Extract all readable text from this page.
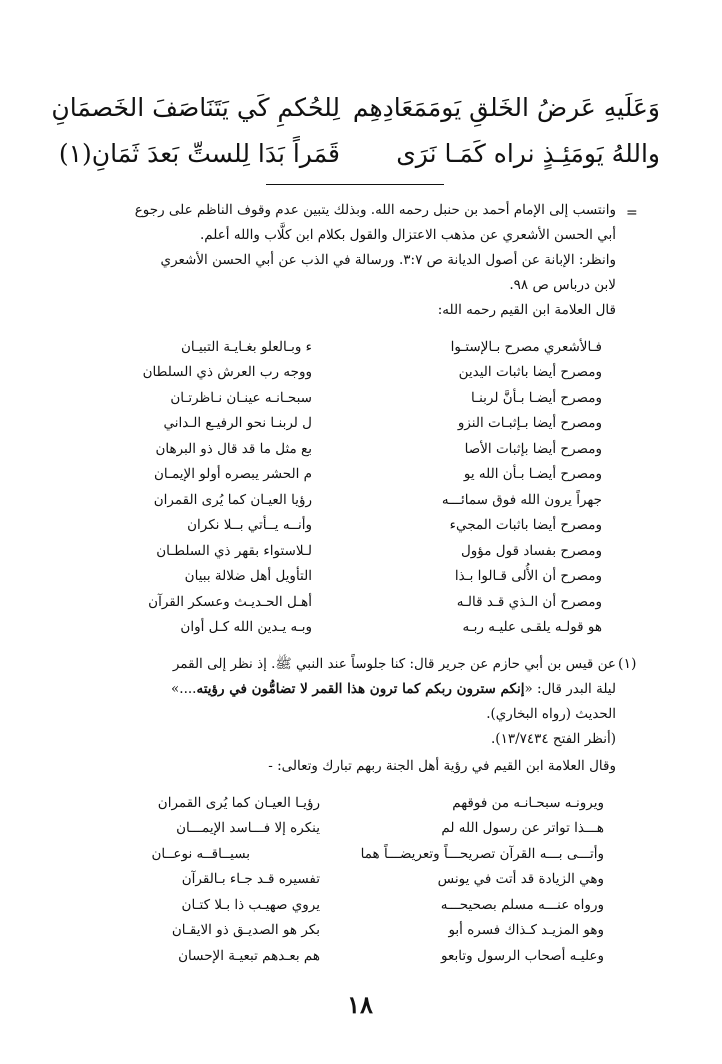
وَعَلَيهِ عَرضُ الخَلقِ يَومَمَعَادِهِم
لِلحُكمِ كَي يَتَنَاصَفَ الخَصمَانِ
واللهُ يَومَئِـذٍ نراه كَمَـا نَرَى
قَمَراً بَدَا لِلستِّ بَعدَ ثَمَانِ(١)
=
وانتسب إلى الإمام أحمد بن حنبل رحمه الله. وبذلك يتبين عدم وقوف الناظم على رجوع
أبي الحسن الأشعري عن مذهب الاعتزال والقول بكلام ابن كلَّاب والله أعلم.
وانظر: الإبانة عن أصول الديانة ص ٣:٧. ورسالة في الذب عن أبي الحسن الأشعري
لابن درباس ص ٩٨.
قال العلامة ابن القيم رحمه الله:
فـالأشعري مصرح بـالإستـوا
ء وبـالعلو بغـايـة التبيـان
ومصرح أيضا باثبات اليدين
ووجه رب العرش ذي السلطان
ومصرح أيضـا بـأنَّ لربنـا
سبحـانـه عينـان نـاظرتـان
ومصرح أيضا بـإثبـات النزو
ل لربنـا نحو الرفيـع الـداني
ومصرح أيضا بإثبات الأصا
بع مثل ما قد قال ذو البرهان
ومصرح أيضـا بـأن الله يو
م الحشر يبصره أولو الإيمـان
جهراً يرون الله فوق سمائـــه
رؤيا العيـان كما يُرى القمران
ومصرح أيضا باثبات المجيء
وأنــه يــأتي بــلا نكران
ومصرح بفساد قول مؤول
لـلاستواء بقهر ذي السلطـان
ومصرح أن الأُلى قـالوا بـذا
التأويل أهل ضلالة ببيان
ومصرح أن الـذي قـد قالـه
أهـل الحـديـث وعسكر القرآن
هو قولـه يلقـى عليـه ربـه
وبـه يـدين الله كـل أوان
(١)
عن قيس بن أبي حازم عن جرير قال: كنا جلوساً عند النبي ﷺ. إذ نظر إلى القمر
ليلة البدر قال: «إنكم سترون ربكم كما ترون هذا القمر لا تضامُّون في رؤيته....»
الحديث (رواه البخاري).
(أنظر الفتح ١٣/٧٤٣٤).
وقال العلامة ابن القيم في رؤية أهل الجنة ربهم تبارك وتعالى: -
ويرونـه سبحـانـه من فوقهم
رؤيـا العيـان كما يُرى القمران
هـــذا تواتر عن رسول الله لم
ينكره إلا فـــاسد الإيمـــان
وأتـــى بـــه القرآن تصريحـــاً وتعريضـــاً هما
بسيــاقــه نوعــان
وهي الزيادة قد أتت في يونس
تفسيره قـد جـاء بـالقرآن
ورواه عنـــه مسلم بصحيحـــه
يروي صهيـب ذا بـلا كتـان
وهو المزيـد كـذاك فسره أبو
بكر هو الصديـق ذو الايقـان
وعليـه أصحاب الرسول وتابعو
هم بعـدهم تبعيـة الإحسان
١٨
